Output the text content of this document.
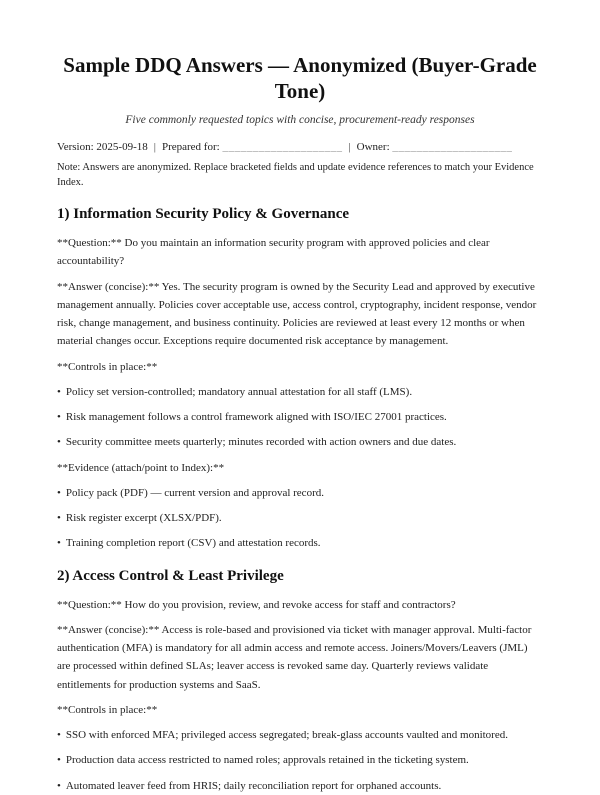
Sample DDQ Answers — Anonymized (Buyer-Grade Tone)

Five commonly requested topics with concise, procurement-ready responses

Version: 2025-09-18 | Prepared for: ____________________ | Owner: ____________________

Note: Answers are anonymized. Replace bracketed fields and update evidence references to match your Evidence Index.

1) Information Security Policy & Governance

**Question:** Do you maintain an information security program with approved policies and clear accountability?

**Answer (concise):** Yes. The security program is owned by the Security Lead and approved by executive management annually. Policies cover acceptable use, access control, cryptography, incident response, vendor risk, change management, and business continuity. Policies are reviewed at least every 12 months or when material changes occur. Exceptions require documented risk acceptance by management.

**Controls in place:**

• Policy set version-controlled; mandatory annual attestation for all staff (LMS).

• Risk management follows a control framework aligned with ISO/IEC 27001 practices.

• Security committee meets quarterly; minutes recorded with action owners and due dates.

**Evidence (attach/point to Index):**

• Policy pack (PDF) — current version and approval record.

• Risk register excerpt (XLSX/PDF).

• Training completion report (CSV) and attestation records.

2) Access Control & Least Privilege

**Question:** How do you provision, review, and revoke access for staff and contractors?

**Answer (concise):** Access is role-based and provisioned via ticket with manager approval. Multi-factor authentication (MFA) is mandatory for all admin access and remote access. Joiners/Movers/Leavers (JML) are processed within defined SLAs; leaver access is revoked same day. Quarterly reviews validate entitlements for production systems and SaaS.

**Controls in place:**

• SSO with enforced MFA; privileged access segregated; break-glass accounts vaulted and monitored.

• Production data access restricted to named roles; approvals retained in the ticketing system.

• Automated leaver feed from HRIS; daily reconciliation report for orphaned accounts.
